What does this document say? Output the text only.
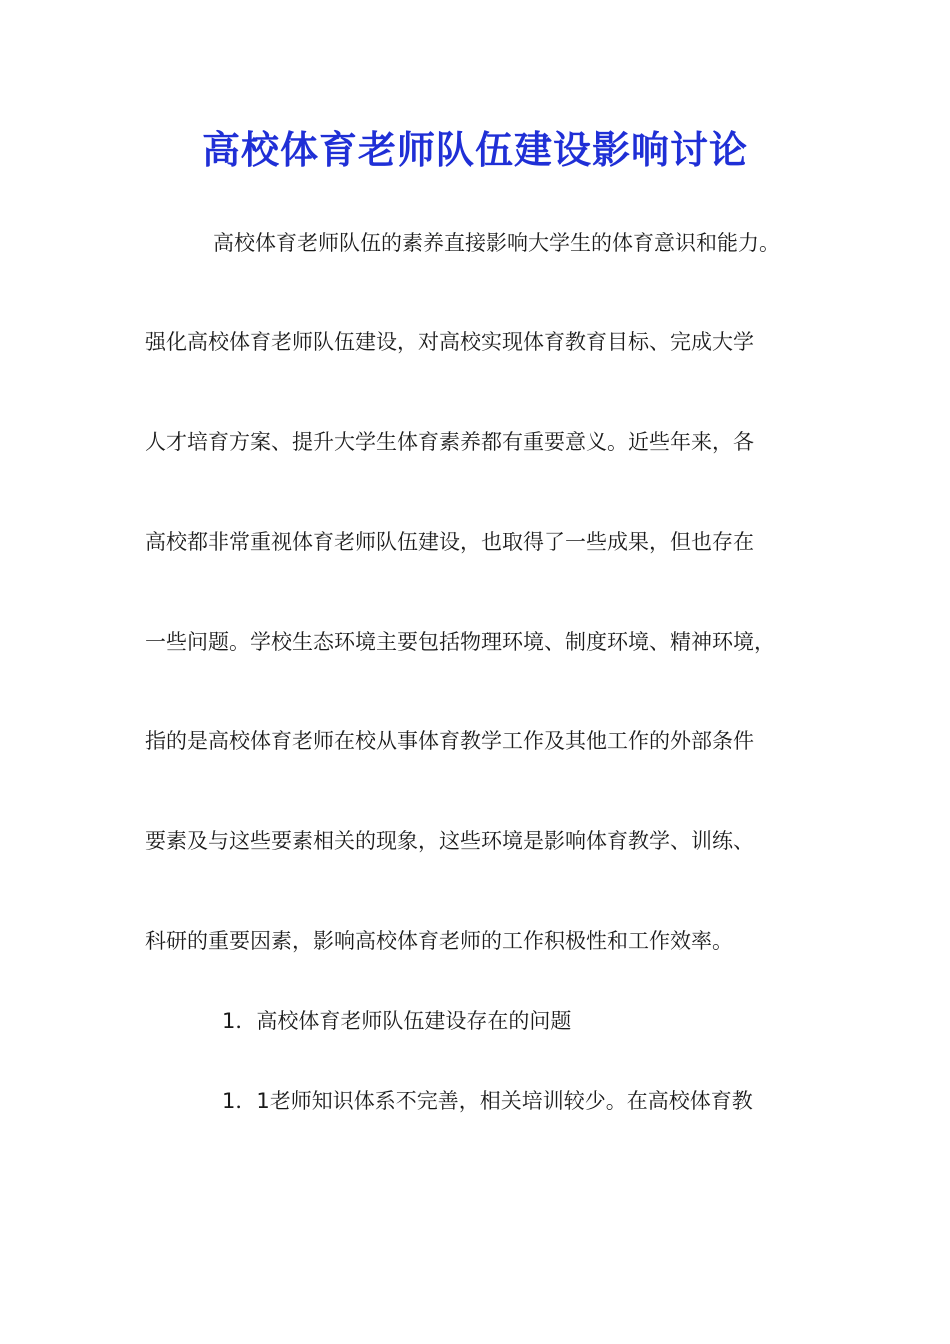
高校体育老师队伍建设影响讨论

高校体育老师队伍的素养直接影响大学生的体育意识和能力。

强化高校体育老师队伍建设，对高校实现体育教育目标、完成大学

人才培育方案、提升大学生体育素养都有重要意义。近些年来，各

高校都非常重视体育老师队伍建设，也取得了一些成果，但也存在

一些问题。学校生态环境主要包括物理环境、制度环境、精神环境，

指的是高校体育老师在校从事体育教学工作及其他工作的外部条件

要素及与这些要素相关的现象，这些环境是影响体育教学、训练、

科研的重要因素，影响高校体育老师的工作积极性和工作效率。

1．高校体育老师队伍建设存在的问题

1．1老师知识体系不完善，相关培训较少。在高校体育教
